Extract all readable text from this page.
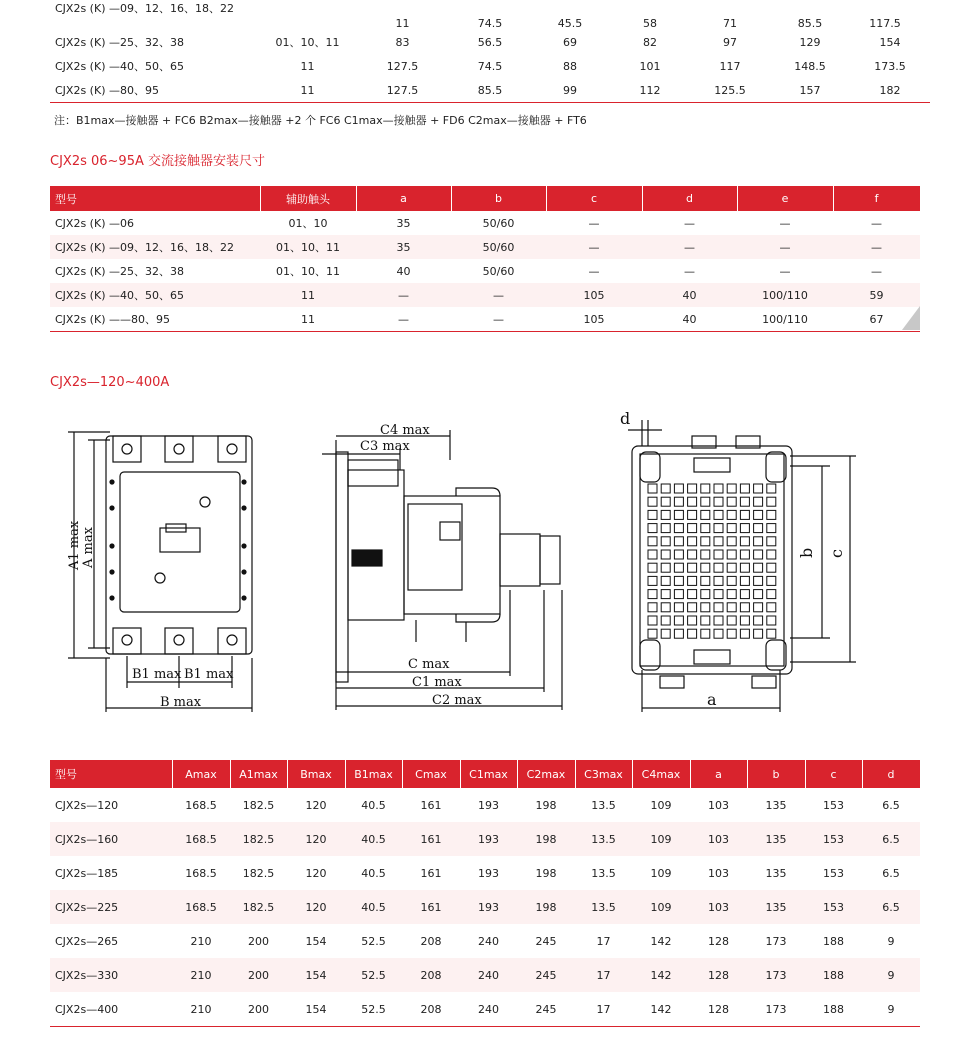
CJX2s (K) —09、12、16、18、22		11	74.5	45.5	58	71	85.5	117.5
CJX2s (K) —25、32、38	01、10、11	83	56.5	69	82	97	129	154
CJX2s (K) —40、50、65	11	127.5	74.5	88	101	117	148.5	173.5
CJX2s (K) —80、95	11	127.5	85.5	99	112	125.5	157	182
注：B1max—接触器 + FC6 B2max—接触器 +2 个 FC6 C1max—接触器 + FD6 C2max—接触器 + FT6
CJX2s 06~95A 交流接触器安装尺寸
型号	辅助触头	a	b	c	d	e	f
CJX2s (K) —06	01、10	35	50/60	—	—	—	—
CJX2s (K) —09、12、16、18、22	01、10、11	35	50/60	—	—	—	—
CJX2s (K) —25、32、38	01、10、11	40	50/60	—	—	—	—
CJX2s (K) —40、50、65	11	—	—	105	40	100/110	59
CJX2s (K) ——80、95	11	—	—	105	40	100/110	67
CJX2s—120~400A
A1 max A max
B1 max B1 max
B max
C4 max
C3 max
C max
C1 max
C2 max
d
a
b c
型号	Amax	A1max	Bmax	B1max	Cmax	C1max	C2max	C3max	C4max	a	b	c	d
CJX2s—120	168.5	182.5	120	40.5	161	193	198	13.5	109	103	135	153	6.5
CJX2s—160	168.5	182.5	120	40.5	161	193	198	13.5	109	103	135	153	6.5
CJX2s—185	168.5	182.5	120	40.5	161	193	198	13.5	109	103	135	153	6.5
CJX2s—225	168.5	182.5	120	40.5	161	193	198	13.5	109	103	135	153	6.5
CJX2s—265	210	200	154	52.5	208	240	245	17	142	128	173	188	9
CJX2s—330	210	200	154	52.5	208	240	245	17	142	128	173	188	9
CJX2s—400	210	200	154	52.5	208	240	245	17	142	128	173	188	9
